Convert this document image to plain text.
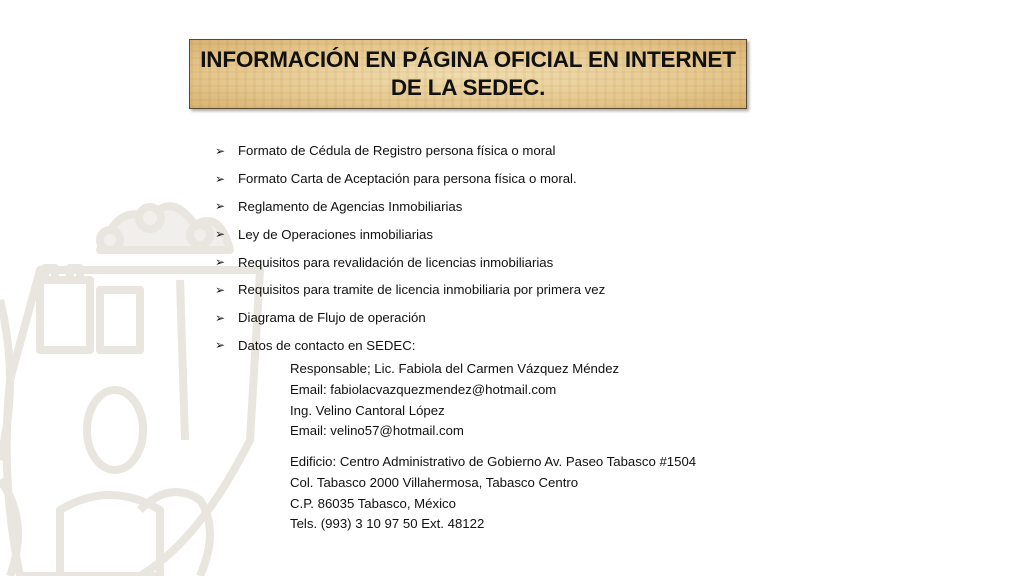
INFORMACIÓN EN PÁGINA OFICIAL EN INTERNET
DE LA SEDEC.
➢ Formato de Cédula de Registro persona física o moral
➢ Formato Carta de Aceptación para persona física o moral.
➢ Reglamento de Agencias Inmobiliarias
➢ Ley de Operaciones inmobiliarias
➢ Requisitos para revalidación de licencias inmobiliarias
➢ Requisitos para tramite de licencia inmobiliaria por primera vez
➢ Diagrama de Flujo de operación
➢ Datos de contacto en SEDEC:
Responsable; Lic. Fabiola del Carmen Vázquez Méndez
Email: fabiolacvazquezmendez@hotmail.com
Ing. Velino Cantoral López
Email: velino57@hotmail.com
Edificio: Centro Administrativo de Gobierno Av. Paseo Tabasco #1504
Col. Tabasco 2000 Villahermosa, Tabasco Centro
C.P. 86035 Tabasco, México
Tels. (993) 3 10 97 50 Ext. 48122
